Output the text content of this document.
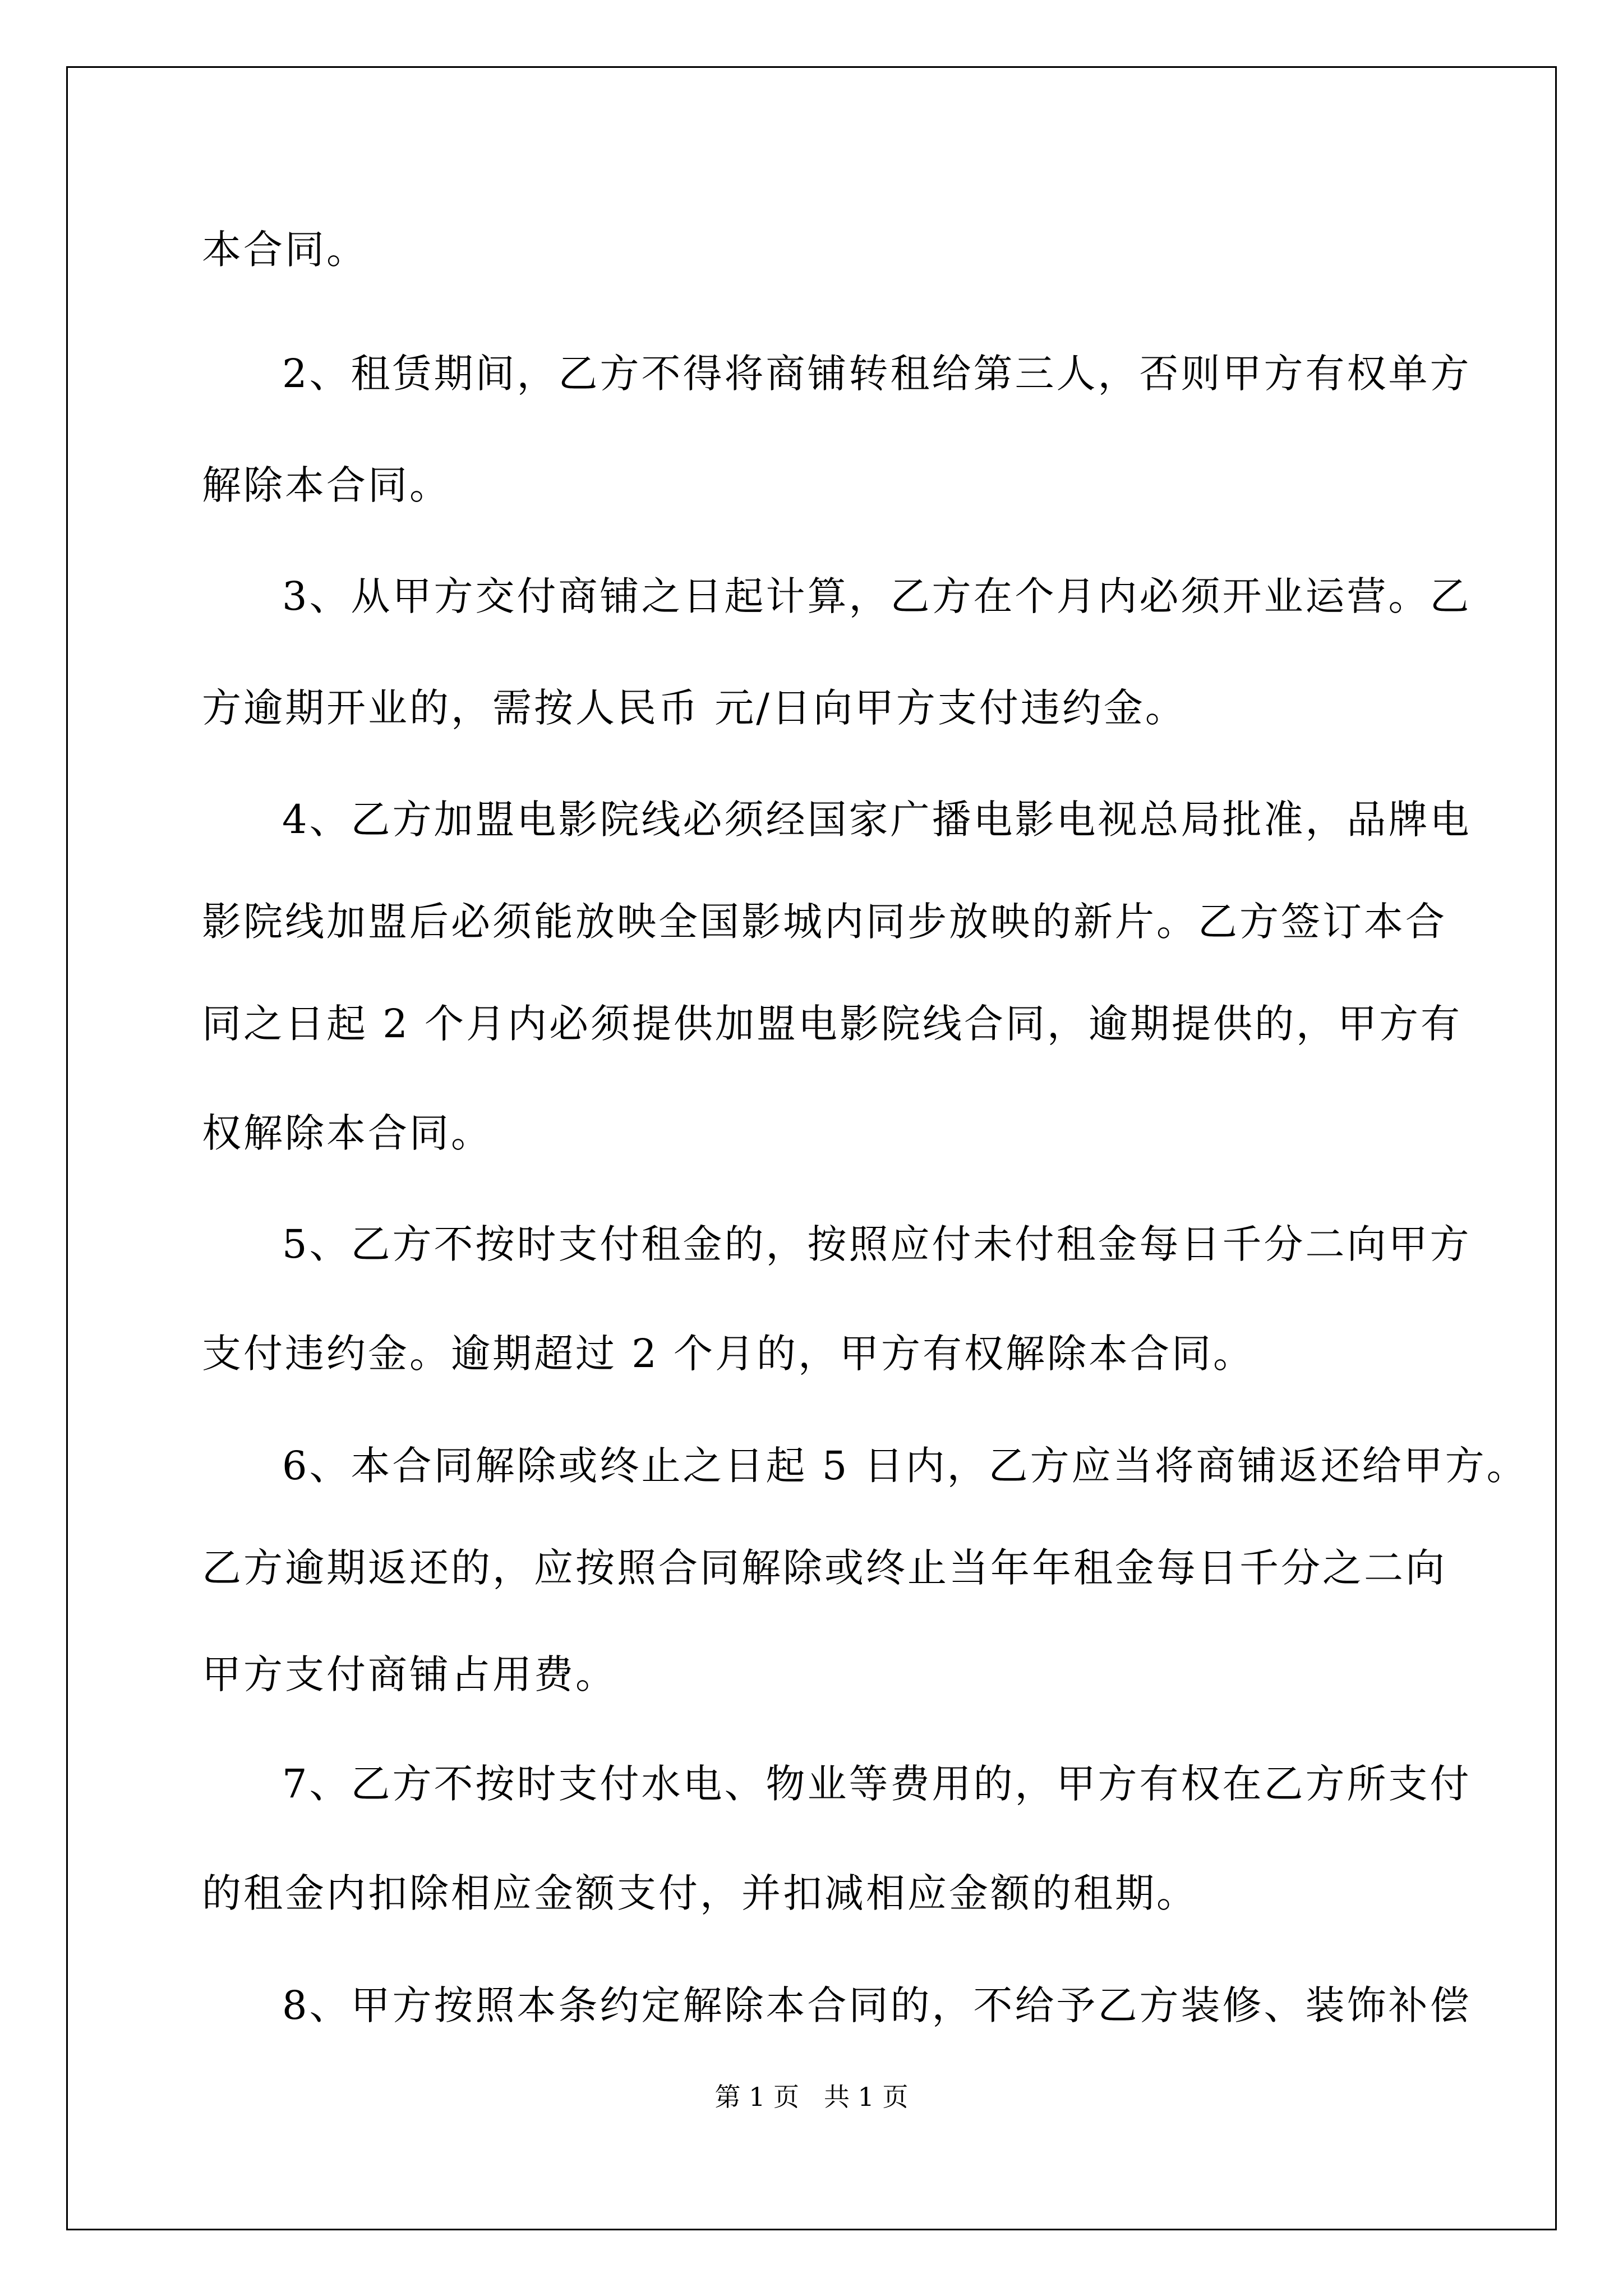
本合同。
2、租赁期间，乙方不得将商铺转租给第三人，否则甲方有权单方
解除本合同。
3、从甲方交付商铺之日起计算，乙方在个月内必须开业运营。乙
方逾期开业的，需按人民币 元/日向甲方支付违约金。
4、乙方加盟电影院线必须经国家广播电影电视总局批准，品牌电
影院线加盟后必须能放映全国影城内同步放映的新片。乙方签订本合
同之日起 2 个月内必须提供加盟电影院线合同，逾期提供的，甲方有
权解除本合同。
5、乙方不按时支付租金的，按照应付未付租金每日千分二向甲方
支付违约金。逾期超过 2 个月的，甲方有权解除本合同。
6、本合同解除或终止之日起 5 日内，乙方应当将商铺返还给甲方。
乙方逾期返还的，应按照合同解除或终止当年年租金每日千分之二向
甲方支付商铺占用费。
7、乙方不按时支付水电、物业等费用的，甲方有权在乙方所支付
的租金内扣除相应金额支付，并扣减相应金额的租期。
8、甲方按照本条约定解除本合同的，不给予乙方装修、装饰补偿
第 1 页 共 1 页
